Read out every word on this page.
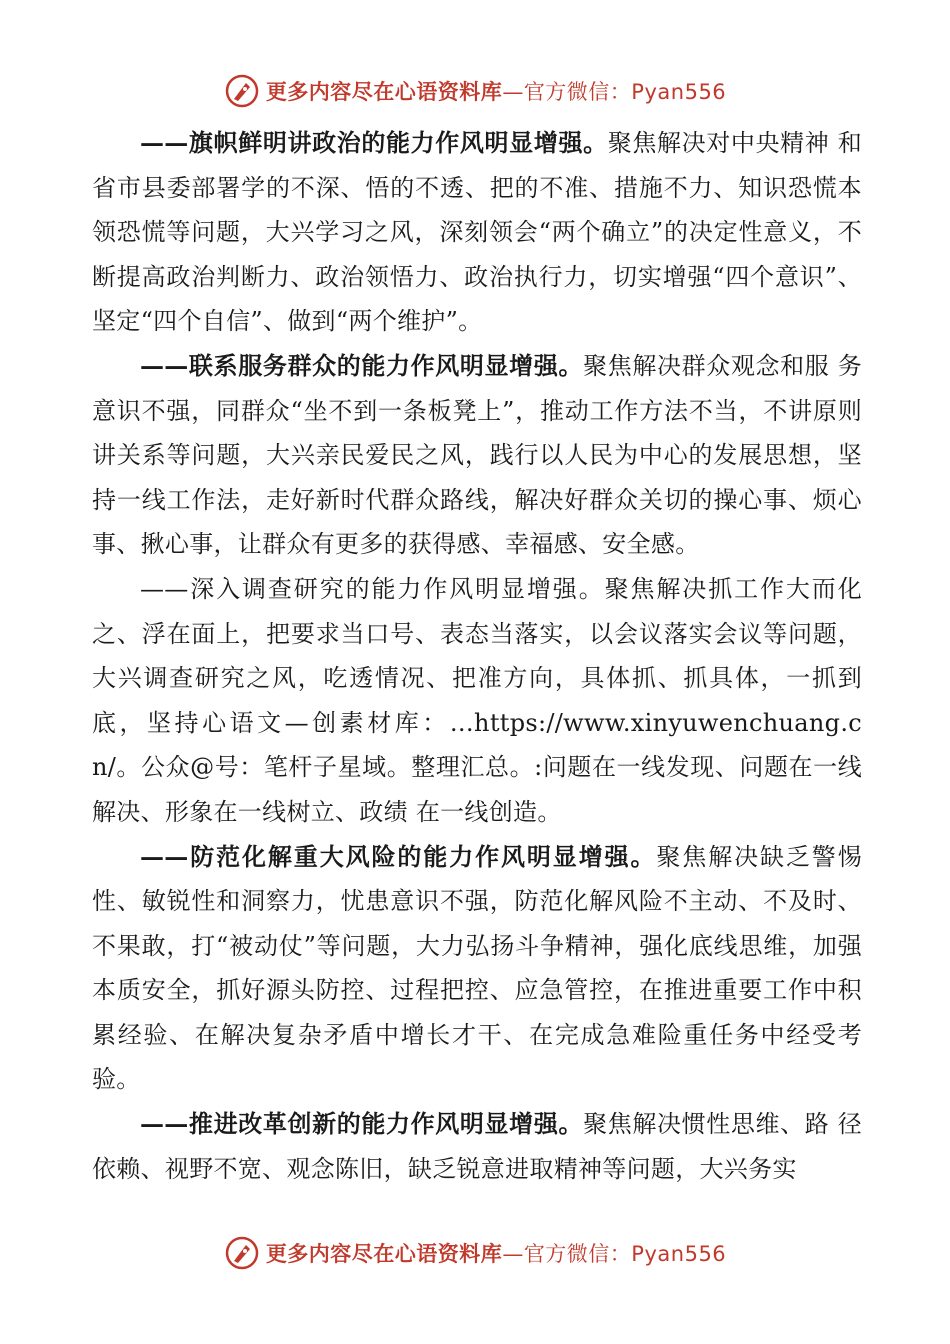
更多内容尽在心语资料库—官方微信：Pyan556

——旗帜鲜明讲政治的能力作风明显增强。聚焦解决对中央精神 和省市县委部署学的不深、悟的不透、把的不准、措施不力、知识恐慌本领恐慌等问题，大兴学习之风，深刻领会“两个确立”的决定性意义，不断提高政治判断力、政治领悟力、政治执行力，切实增强“四个意识”、坚定“四个自信”、做到“两个维护”。

——联系服务群众的能力作风明显增强。聚焦解决群众观念和服 务意识不强，同群众“坐不到一条板凳上”，推动工作方法不当，不讲原则讲关系等问题，大兴亲民爱民之风，践行以人民为中心的发展思想，坚持一线工作法，走好新时代群众路线，解决好群众关切的操心事、烦心事、揪心事，让群众有更多的获得感、幸福感、安全感。

——深入调查研究的能力作风明显增强。聚焦解决抓工作大而化之、浮在面上，把要求当口号、表态当落实，以会议落实会议等问题，大兴调查研究之风，吃透情况、把准方向，具体抓、抓具体，一抓到底，坚持心语文—创素材库：…https://www.xinyuwenchuang.cn/。公众@号：笔杆子星域。整理汇总。:问题在一线发现、问题在一线解决、形象在一线树立、政绩 在一线创造。

——防范化解重大风险的能力作风明显增强。聚焦解决缺乏警惕性、敏锐性和洞察力，忧患意识不强，防范化解风险不主动、不及时、不果敢，打“被动仗”等问题，大力弘扬斗争精神，强化底线思维，加强本质安全，抓好源头防控、过程把控、应急管控，在推进重要工作中积累经验、在解决复杂矛盾中增长才干、在完成急难险重任务中经受考验。

——推进改革创新的能力作风明显增强。聚焦解决惯性思维、路 径依赖、视野不宽、观念陈旧，缺乏锐意进取精神等问题，大兴务实

更多内容尽在心语资料库—官方微信：Pyan556
